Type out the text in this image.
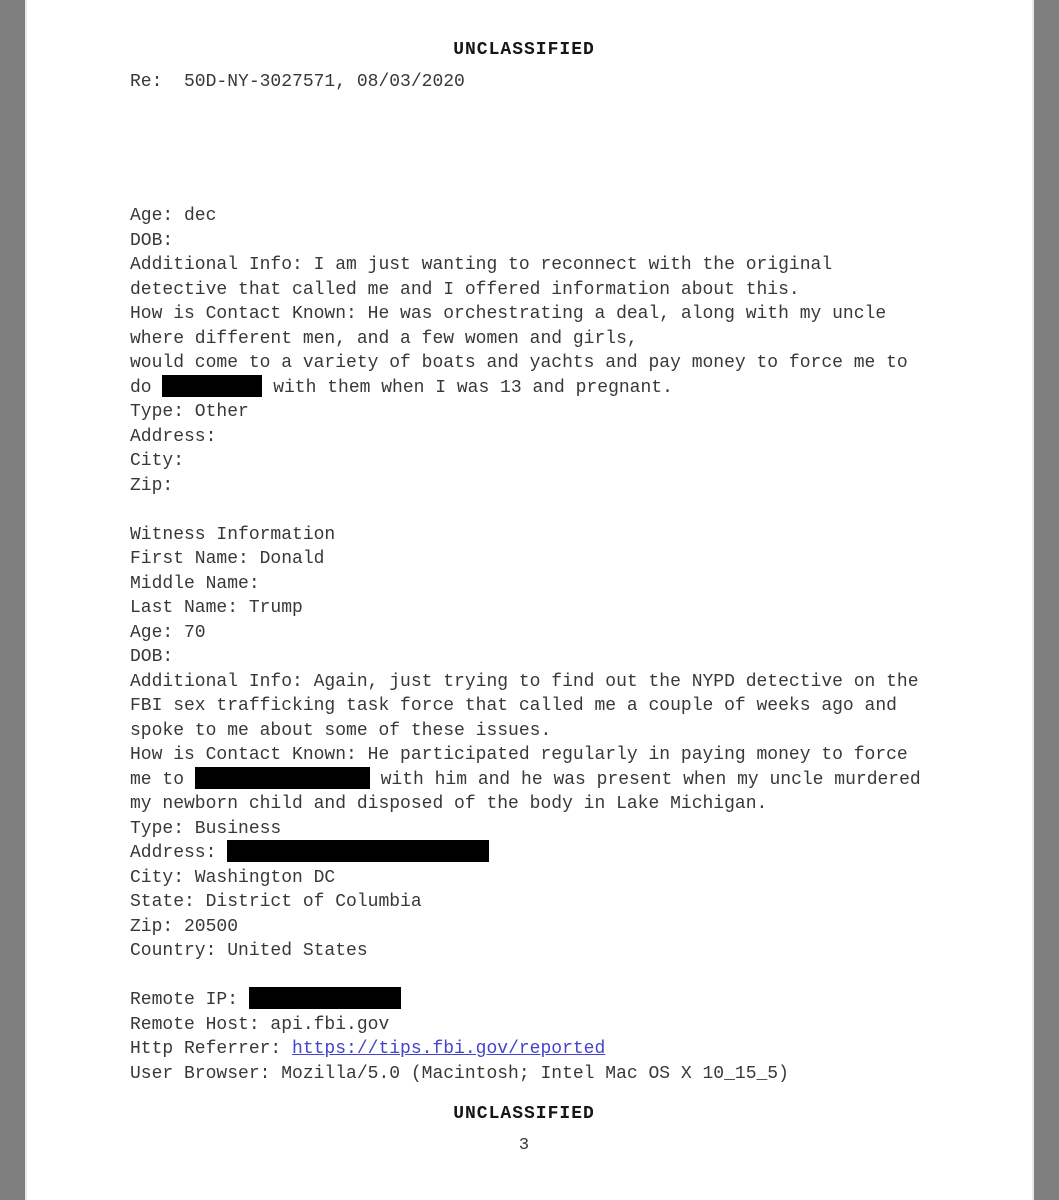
UNCLASSIFIED
Re:  50D-NY-3027571, 08/03/2020
Age: dec
DOB:
Additional Info: I am just wanting to reconnect with the original
detective that called me and I offered information about this.
How is Contact Known: He was orchestrating a deal, along with my uncle
where different men, and a few women and girls,
would come to a variety of boats and yachts and pay money to force me to
do	with them when I was 13 and pregnant.
Type: Other
Address:
City:
Zip:

Witness Information
First Name: Donald
Middle Name:
Last Name: Trump
Age: 70
DOB:
Additional Info: Again, just trying to find out the NYPD detective on the
FBI sex trafficking task force that called me a couple of weeks ago and
spoke to me about some of these issues.
How is Contact Known: He participated regularly in paying money to force
me to	with him and he was present when my uncle murdered
my newborn child and disposed of the body in Lake Michigan.
Type: Business
Address:
City: Washington DC
State: District of Columbia
Zip: 20500
Country: United States

Remote IP:
Remote Host: api.fbi.gov
Http Referrer: https://tips.fbi.gov/reported
User Browser: Mozilla/5.0 (Macintosh; Intel Mac OS X 10_15_5)
UNCLASSIFIED
3
